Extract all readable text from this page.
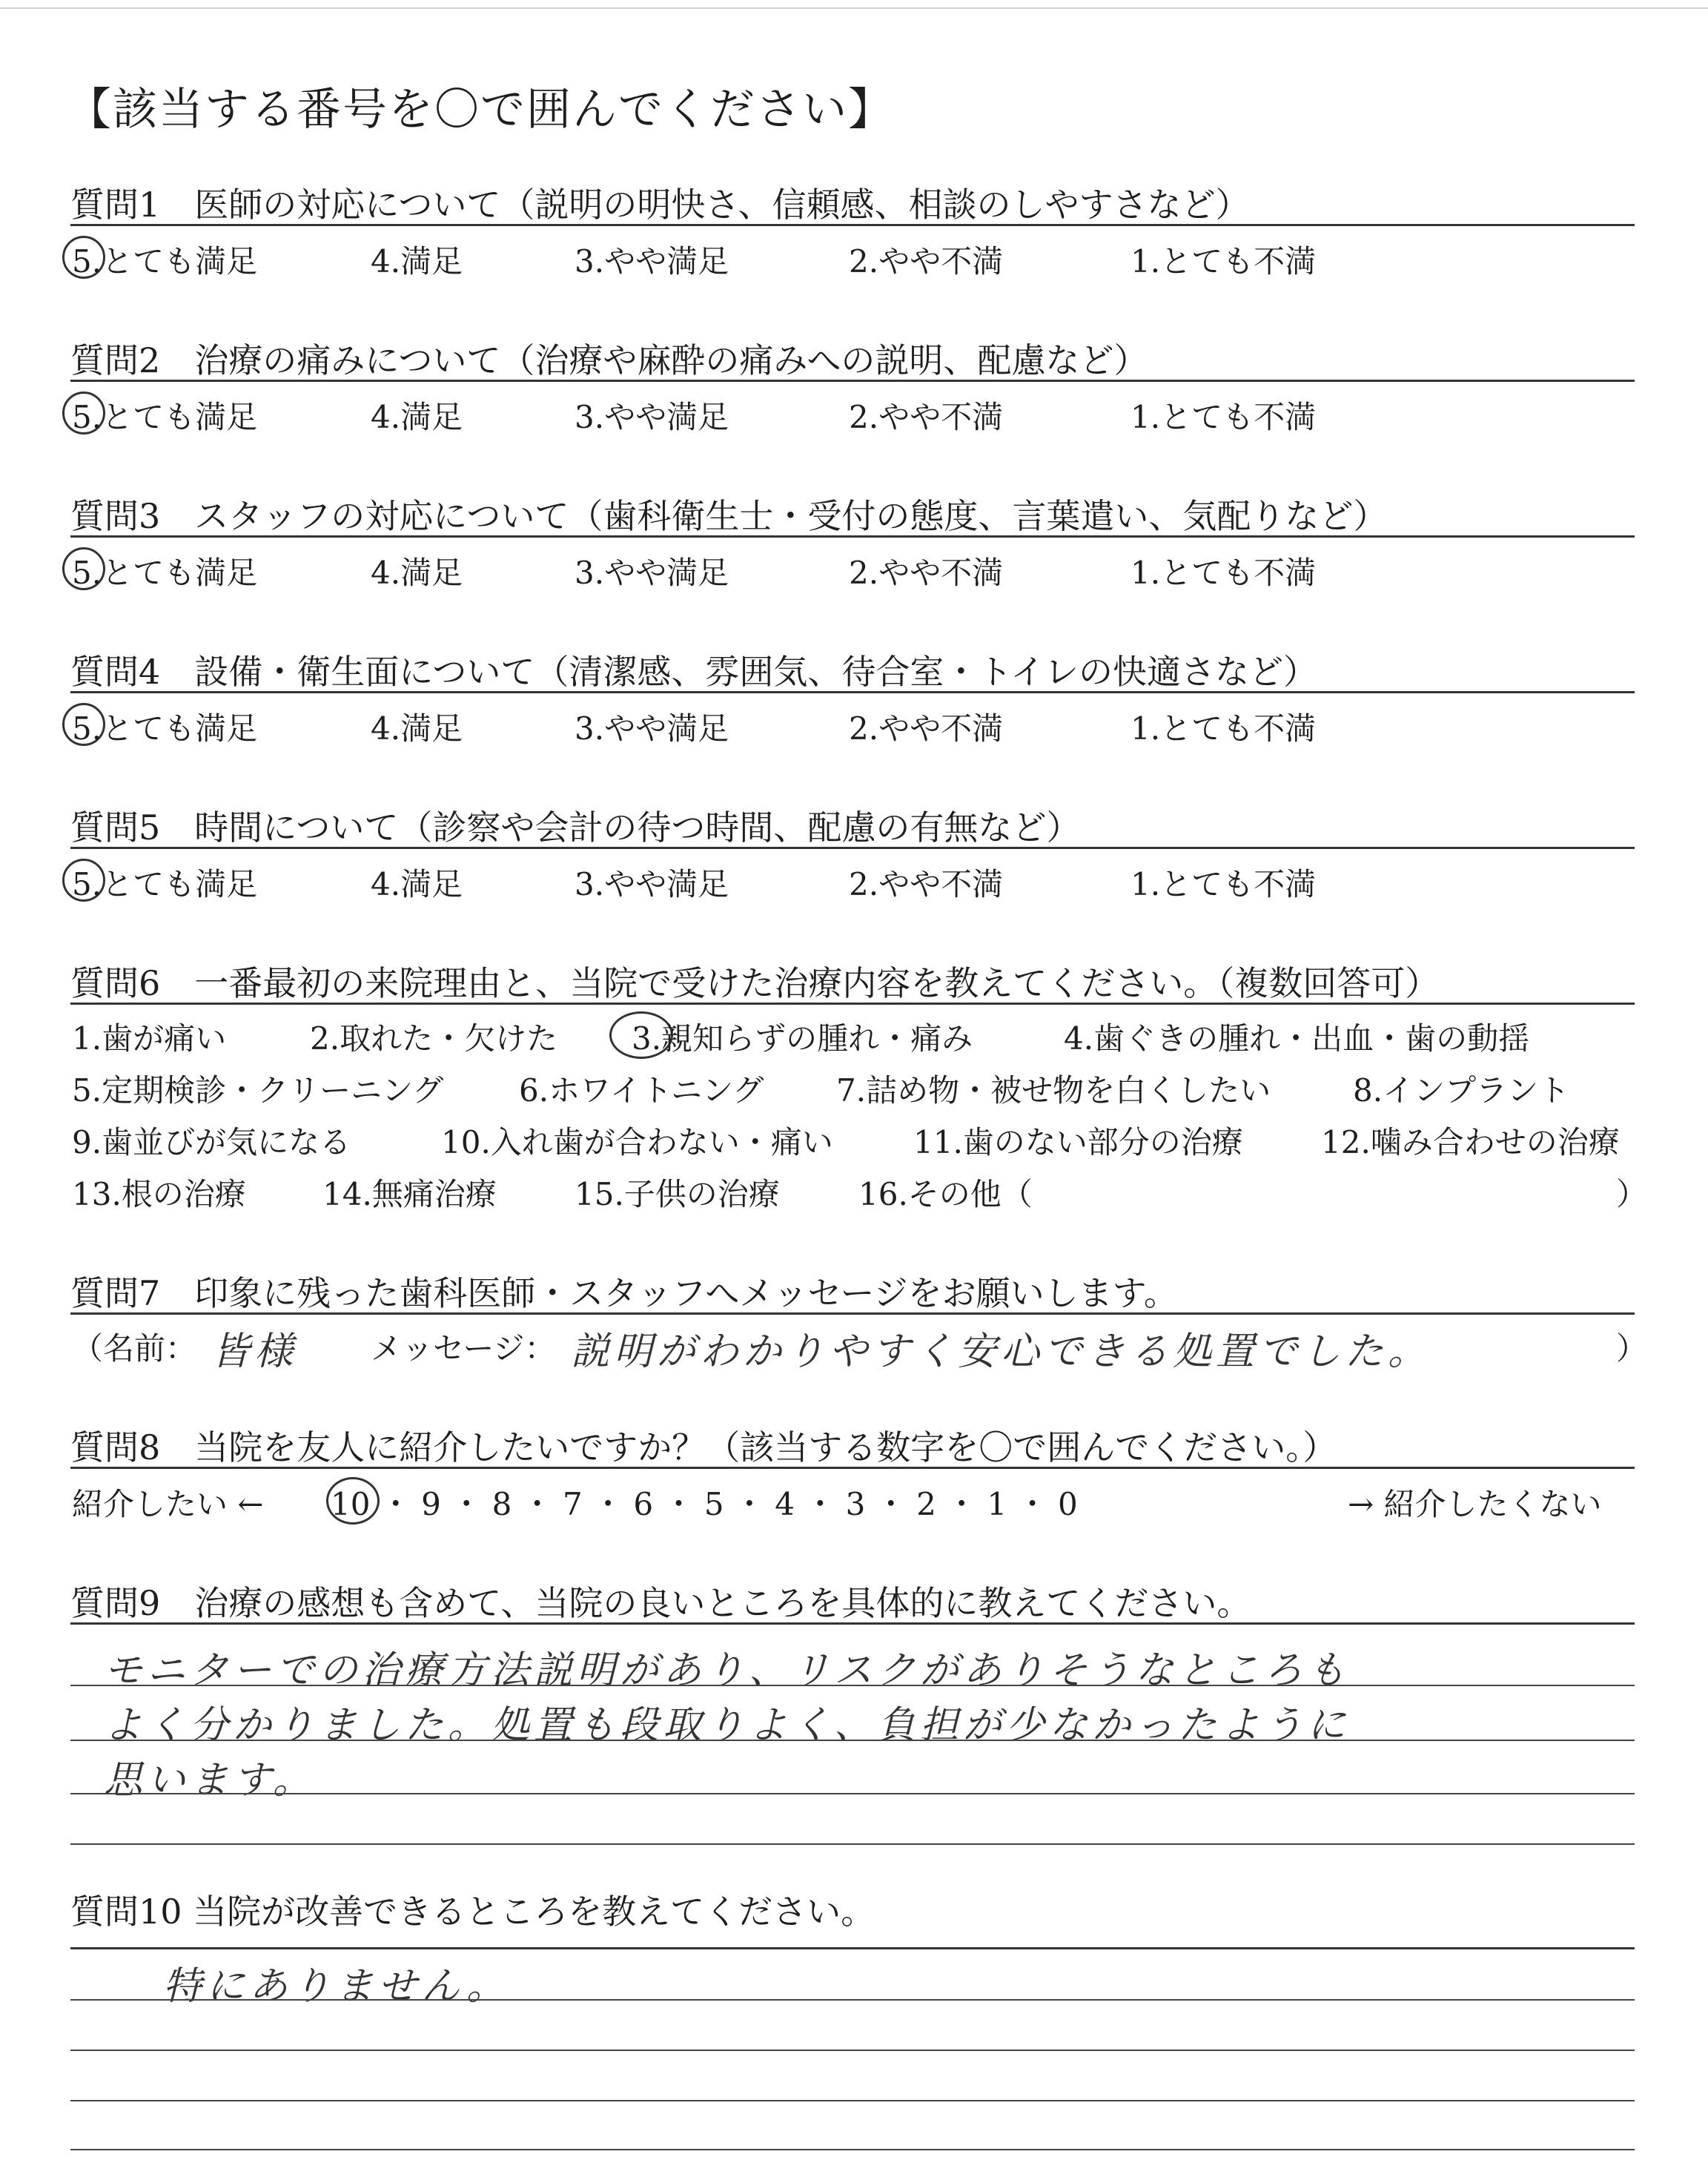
【該当する番号を〇で囲んでください】
質問1　医師の対応について（説明の明快さ、信頼感、相談のしやすさなど）
5.とても満足	4.満足	3.やや満足	2.やや不満	1.とても不満
質問2　治療の痛みについて（治療や麻酔の痛みへの説明、配慮など）
5.とても満足	4.満足	3.やや満足	2.やや不満	1.とても不満
質問3　スタッフの対応について（歯科衛生士・受付の態度、言葉遣い、気配りなど）
5.とても満足	4.満足	3.やや満足	2.やや不満	1.とても不満
質問4　設備・衛生面について（清潔感、雰囲気、待合室・トイレの快適さなど）
5.とても満足	4.満足	3.やや満足	2.やや不満	1.とても不満
質問5　時間について（診察や会計の待つ時間、配慮の有無など）
5.とても満足	4.満足	3.やや満足	2.やや不満	1.とても不満
質問6　一番最初の来院理由と、当院で受けた治療内容を教えてください。（複数回答可）
1.歯が痛い	2.取れた・欠けた 3.親知らずの腫れ・痛み	4.歯ぐきの腫れ・出血・歯の動揺
5.定期検診・クリーニング 6.ホワイトニング 7.詰め物・被せ物を白くしたい	8.インプラント
9.歯並びが気になる	10.入れ歯が合わない・痛い	11.歯のない部分の治療	12.噛み合わせの治療
13.根の治療 14.無痛治療	15.子供の治療	16.その他（	）
質問7　印象に残った歯科医師・スタッフへメッセージをお願いします。
（名前： 皆様 メッセージ： 説明がわかりやすく安心できる処置でした。	）
質問8　当院を友人に紹介したいですか？（該当する数字を〇で囲んでください。）
紹介したい ← 10 ・ 9 ・ 8 ・ 7 ・ 6 ・ 5 ・ 4 ・ 3 ・ 2 ・ 1 ・ 0	→ 紹介したくない
質問9　治療の感想も含めて、当院の良いところを具体的に教えてください。
モニターでの治療方法説明があり、リスクがありそうなところも
よく分かりました。処置も段取りよく、負担が少なかったように
思います。
質問10 当院が改善できるところを教えてください。
特にありません。
